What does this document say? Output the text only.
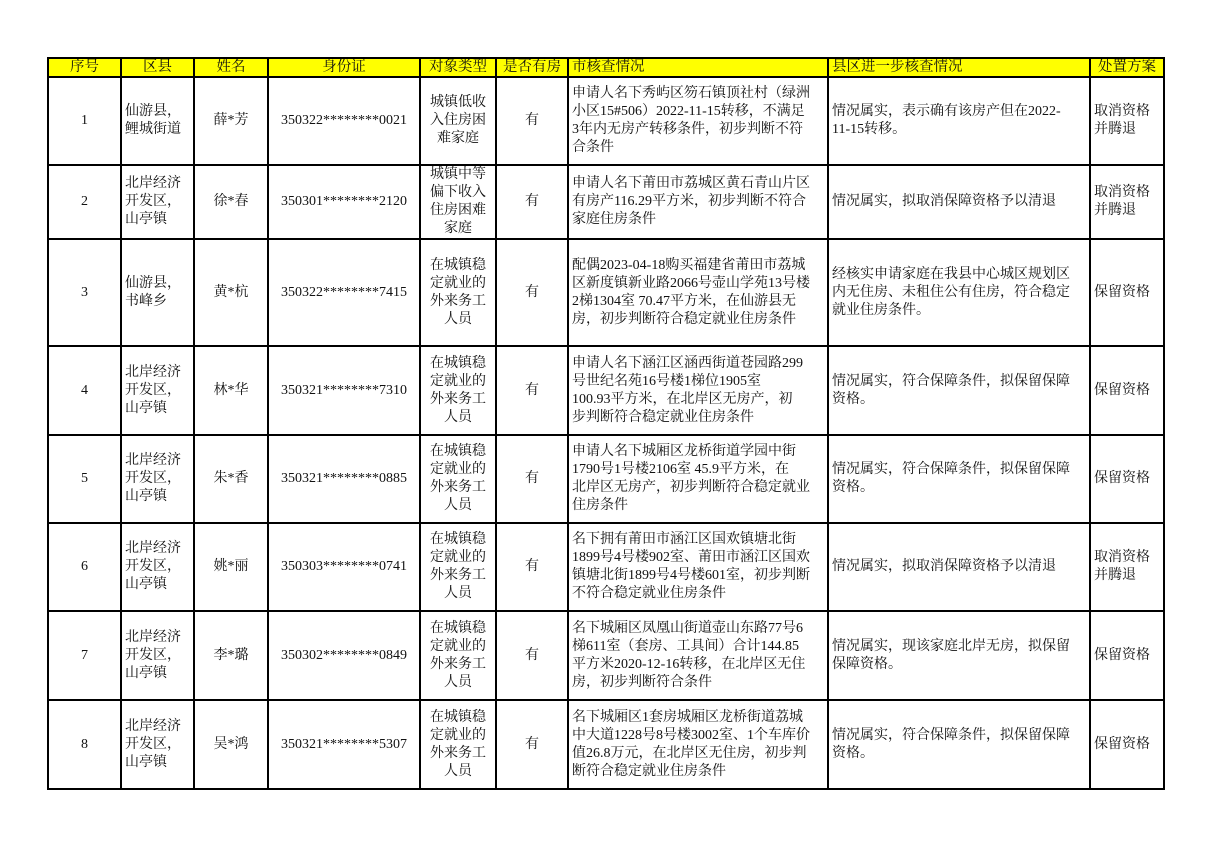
序号	区县	姓名	身份证	对象类型	是否有房	市核查情况	县区进一步核查情况	处置方案
1	仙游县，
鲤城街道	薛*芳	350322********0021	城镇低收
入住房困
难家庭	有	申请人名下秀屿区笏石镇顶社村（绿洲
小区15#506）2022-11-15转移，不满足
3年内无房产转移条件，初步判断不符
合条件	情况属实，表示确有该房产但在2022-
11-15转移。	取消资格
并腾退
2	北岸经济
开发区，
山亭镇	徐*春	350301********2120	城镇中等
偏下收入
住房困难
家庭	有	申请人名下莆田市荔城区黄石青山片区
有房产116.29平方米，初步判断不符合
家庭住房条件	情况属实，拟取消保障资格予以清退	取消资格
并腾退
3	仙游县，
书峰乡	黄*杭	350322********7415	在城镇稳
定就业的
外来务工
人员	有	配偶2023-04-18购买福建省莆田市荔城
区新度镇新业路2066号壶山学苑13号楼
2梯1304室 70.47平方米，在仙游县无
房，初步判断符合稳定就业住房条件	经核实申请家庭在我县中心城区规划区
内无住房、未租住公有住房，符合稳定
就业住房条件。	保留资格
4	北岸经济
开发区，
山亭镇	林*华	350321********7310	在城镇稳
定就业的
外来务工
人员	有	申请人名下涵江区涵西街道苍园路299
号世纪名苑16号楼1梯位1905室
100.93平方米，在北岸区无房产，初
步判断符合稳定就业住房条件	情况属实，符合保障条件，拟保留保障
资格。	保留资格
5	北岸经济
开发区，
山亭镇	朱*香	350321********0885	在城镇稳
定就业的
外来务工
人员	有	申请人名下城厢区龙桥街道学园中街
1790号1号楼2106室 45.9平方米，在
北岸区无房产，初步判断符合稳定就业
住房条件	情况属实，符合保障条件，拟保留保障
资格。	保留资格
6	北岸经济
开发区，
山亭镇	姚*丽	350303********0741	在城镇稳
定就业的
外来务工
人员	有	名下拥有莆田市涵江区国欢镇塘北街
1899号4号楼902室、莆田市涵江区国欢
镇塘北街1899号4号楼601室，初步判断
不符合稳定就业住房条件	情况属实，拟取消保障资格予以清退	取消资格
并腾退
7	北岸经济
开发区，
山亭镇	李*璐	350302********0849	在城镇稳
定就业的
外来务工
人员	有	名下城厢区凤凰山街道壶山东路77号6
梯611室（套房、工具间）合计144.85
平方米2020-12-16转移，在北岸区无住
房，初步判断符合条件	情况属实，现该家庭北岸无房，拟保留
保障资格。	保留资格
8	北岸经济
开发区，
山亭镇	吴*鸿	350321********5307	在城镇稳
定就业的
外来务工
人员	有	名下城厢区1套房城厢区龙桥街道荔城
中大道1228号8号楼3002室、1个车库价
值26.8万元，在北岸区无住房，初步判
断符合稳定就业住房条件	情况属实，符合保障条件，拟保留保障
资格。	保留资格
